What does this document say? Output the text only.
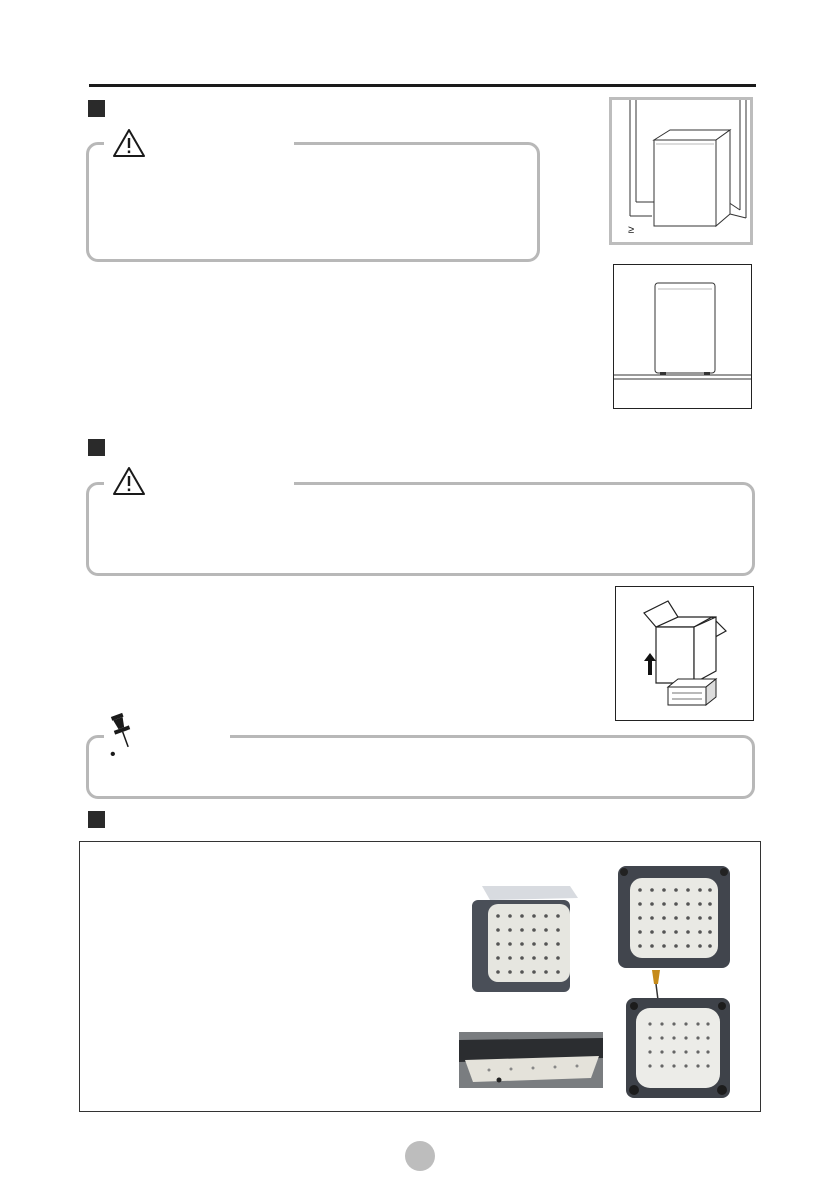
≥
•
